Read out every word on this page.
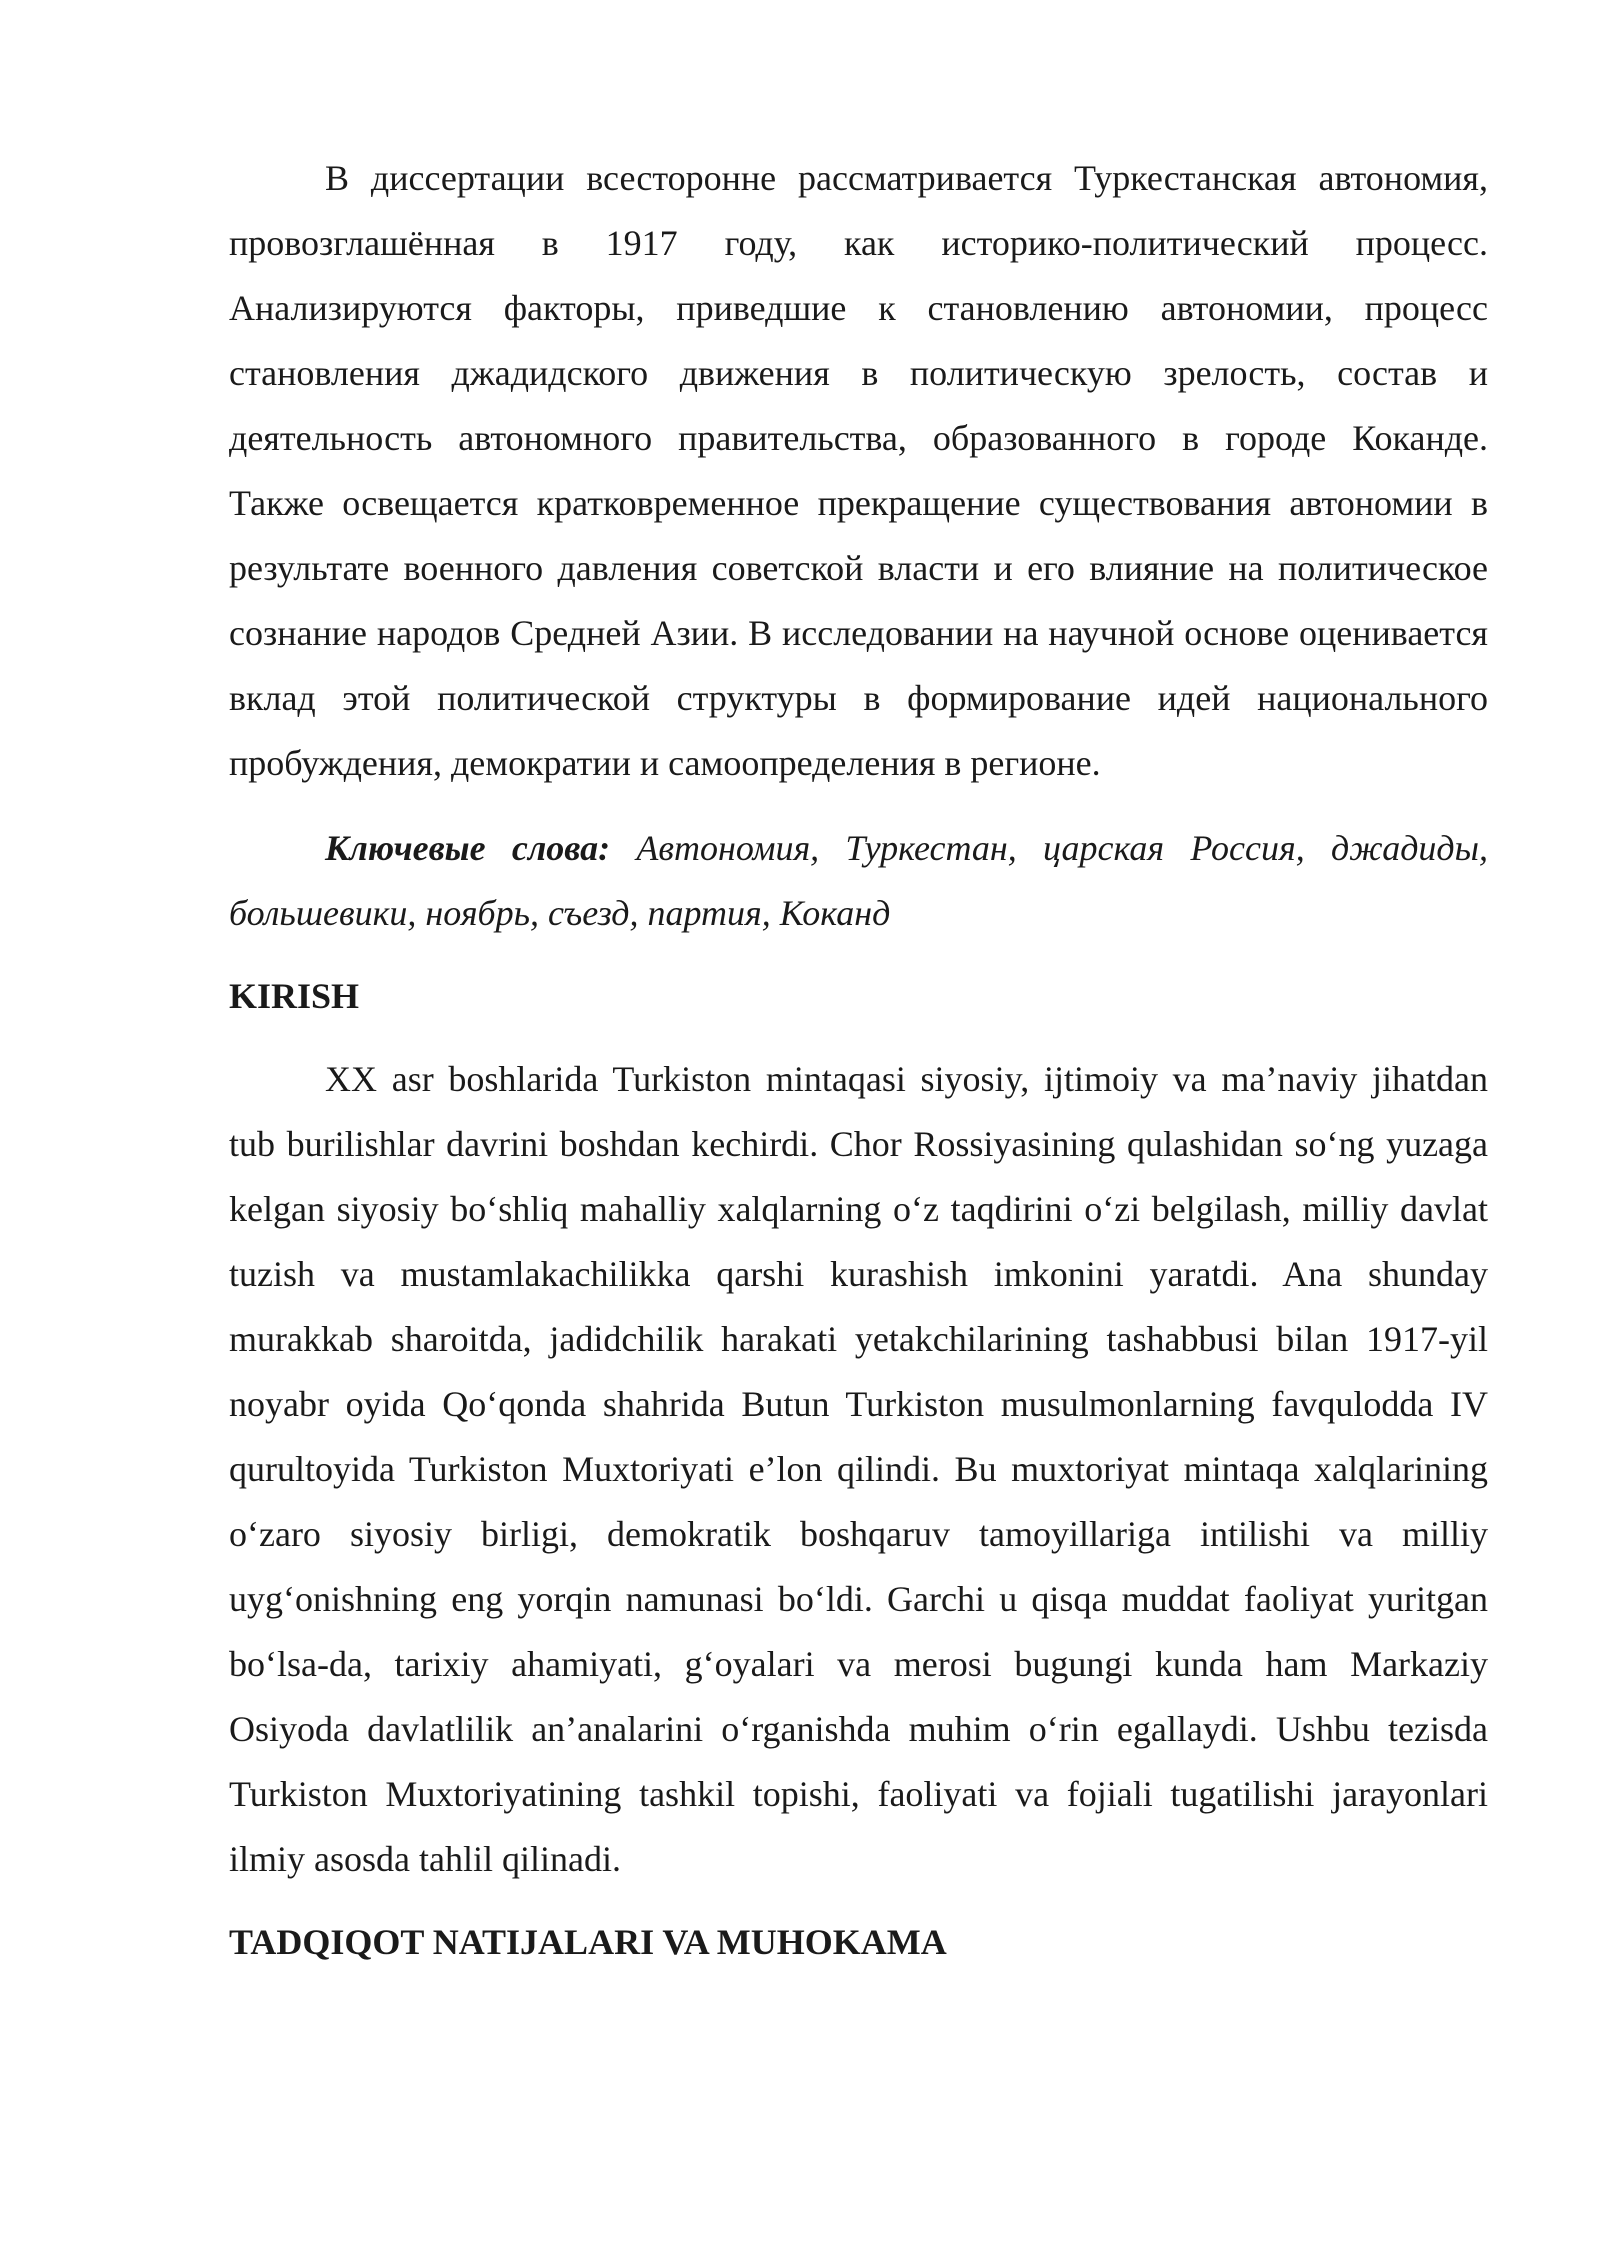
В диссертации всесторонне рассматривается Туркестанская автономия, провозглашённая в 1917 году, как историко-политический процесс. Анализируются факторы, приведшие к становлению автономии, процесс становления джадидского движения в политическую зрелость, состав и деятельность автономного правительства, образованного в городе Коканде. Также освещается кратковременное прекращение существования автономии в результате военного давления советской власти и его влияние на политическое сознание народов Средней Азии. В исследовании на научной основе оценивается вклад этой политической структуры в формирование идей национального пробуждения, демократии и самоопределения в регионе.

Ключевые слова: Автономия, Туркестан, царская Россия, джадиды, большевики, ноябрь, съезд, партия, Коканд

KIRISH

XX asr boshlarida Turkiston mintaqasi siyosiy, ijtimoiy va ma’naviy jihatdan tub burilishlar davrini boshdan kechirdi. Chor Rossiyasining qulashidan so‘ng yuzaga kelgan siyosiy bo‘shliq mahalliy xalqlarning o‘z taqdirini o‘zi belgilash, milliy davlat tuzish va mustamlakachilikka qarshi kurashish imkonini yaratdi. Ana shunday murakkab sharoitda, jadidchilik harakati yetakchilarining tashabbusi bilan 1917-yil noyabr oyida Qo‘qonda shahrida Butun Turkiston musulmonlarning favqulodda IV qurultoyida Turkiston Muxtoriyati e’lon qilindi. Bu muxtoriyat mintaqa xalqlarining o‘zaro siyosiy birligi, demokratik boshqaruv tamoyillariga intilishi va milliy uyg‘onishning eng yorqin namunasi bo‘ldi. Garchi u qisqa muddat faoliyat yuritgan bo‘lsa-da, tarixiy ahamiyati, g‘oyalari va merosi bugungi kunda ham Markaziy Osiyoda davlatlilik an’analarini o‘rganishda muhim o‘rin egallaydi. Ushbu tezisda Turkiston Muxtoriyatining tashkil topishi, faoliyati va fojiali tugatilishi jarayonlari ilmiy asosda tahlil qilinadi.

TADQIQOT NATIJALARI VA MUHOKAMA
